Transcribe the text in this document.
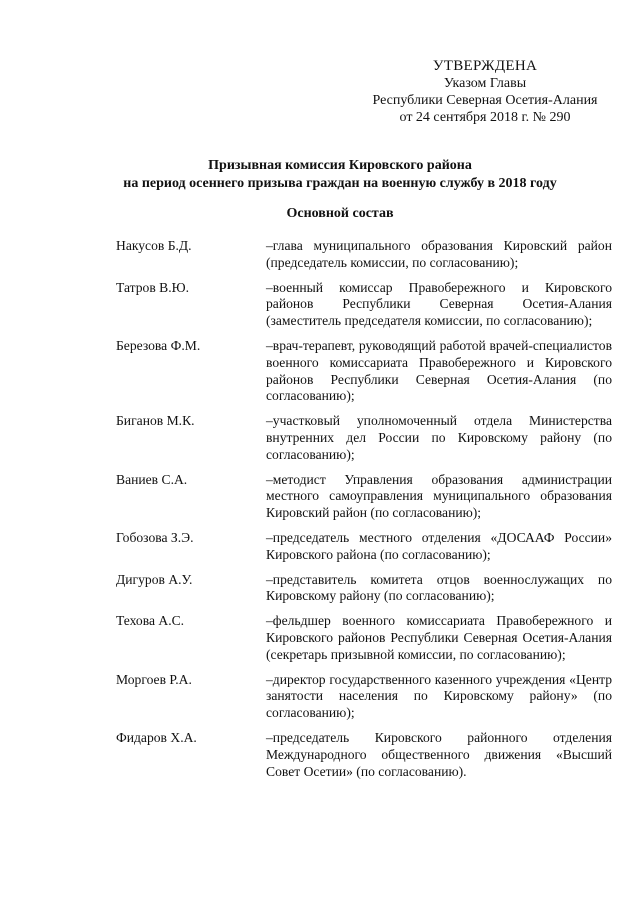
УТВЕРЖДЕНА
Указом Главы
Республики Северная Осетия-Алания
от 24 сентября 2018 г. № 290
Призывная комиссия Кировского района
на период осеннего призыва граждан на военную службу в 2018 году
Основной состав
Накусов Б.Д.	–глава муниципального образования Кировский район (председатель комиссии, по согласованию);
Татров В.Ю.	–военный комиссар Правобережного и Кировского районов Республики Северная Осетия-Алания (заместитель председателя комиссии, по согласованию);
Березова Ф.М.	–врач-терапевт, руководящий работой врачей-специалистов военного комиссариата Правобережного и Кировского районов Республики Северная Осетия-Алания (по согласованию);
Биганов М.К.	–участковый уполномоченный отдела Министерства внутренних дел России по Кировскому району (по согласованию);
Ваниев С.А.	–методист Управления образования администрации местного самоуправления муниципального образования Кировский район (по согласованию);
Гобозова З.Э.	–председатель местного отделения «ДОСААФ России» Кировского района (по согласованию);
Дигуров А.У.	–представитель комитета отцов военнослужащих по Кировскому району (по согласованию);
Техова А.С.	–фельдшер военного комиссариата Правобережного и Кировского районов Республики Северная Осетия-Алания (секретарь призывной комиссии, по согласованию);
Моргоев Р.А.	–директор государственного казенного учреждения «Центр занятости населения по Кировскому району» (по согласованию);
Фидаров Х.А.	–председатель Кировского районного отделения Международного общественного движения «Высший Совет Осетии» (по согласованию).
